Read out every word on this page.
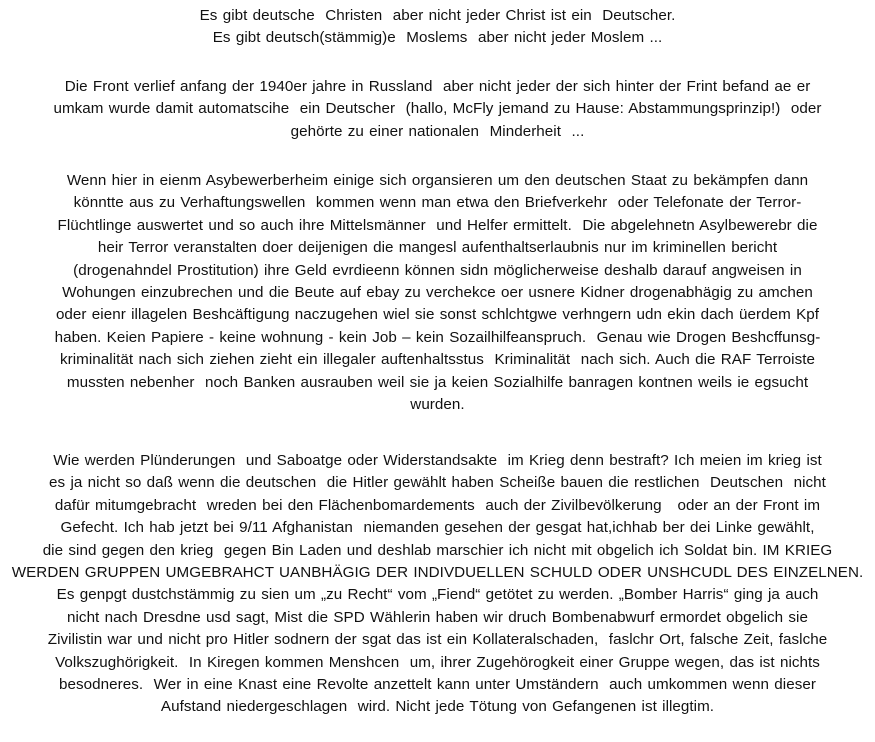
Es gibt deutsche  Christen  aber nicht jeder Christ ist ein  Deutscher.
Es gibt deutsch(stämmig)e  Moslems  aber nicht jeder Moslem ...
Die Front verlief anfang der 1940er jahre in Russland  aber nicht jeder der sich hinter der Frint befand ae er
umkam wurde damit automatscihe  ein Deutscher  (hallo, McFly jemand zu Hause: Abstammungsprinzip!)  oder
gehörte zu einer nationalen  Minderheit  ...
Wenn hier in eienm Asybewerberheim einige sich organsieren um den deutschen Staat zu bekämpfen dann
könntte aus zu Verhaftungswellen  kommen wenn man etwa den Briefverkehr  oder Telefonate der Terror-
Flüchtlinge auswertet und so auch ihre Mittelsmänner  und Helfer ermittelt.  Die abgelehnetn Asylbewerebr die
heir Terror veranstalten doer deijenigen die mangesl aufenthaltserlaubnis nur im kriminellen bericht
(drogenahndel Prostitution) ihre Geld evrdieenn können sidn möglicherweise deshalb darauf angweisen in
Wohungen einzubrechen und die Beute auf ebay zu verchekce oer usnere Kidner drogenabhägig zu amchen
oder eienr illagelen Beshcäftigung naczugehen wiel sie sonst schlchtgwe verhngern udn ekin dach üerdem Kpf
haben. Keien Papiere - keine wohnung - kein Job – kein Sozailhilfeanspruch.  Genau wie Drogen Beshcffunsg-
kriminalität nach sich ziehen zieht ein illegaler auftenhaltsstus  Kriminalität  nach sich. Auch die RAF Terroiste
mussten nebenher  noch Banken ausrauben weil sie ja keien Sozialhilfe banragen kontnen weils ie egsucht
wurden.
Wie werden Plünderungen  und Saboatge oder Widerstandsakte  im Krieg denn bestraft? Ich meien im krieg ist
es ja nicht so daß wenn die deutschen  die Hitler gewählt haben Scheiße bauen die restlichen  Deutschen  nicht
dafür mitumgebracht  wreden bei den Flächenbomardements  auch der Zivilbevölkerung   oder an der Front im
Gefecht. Ich hab jetzt bei 9/11 Afghanistan  niemanden gesehen der gesgat hat,ichhab ber dei Linke gewählt,
die sind gegen den krieg  gegen Bin Laden und deshlab marschier ich nicht mit obgelich ich Soldat bin. IM KRIEG
WERDEN GRUPPEN UMGEBRAHCT UANBHÄGIG DER INDIVDUELLEN SCHULD ODER UNSHCUDL DES EINZELNEN.
Es genpgt dustchstämmig zu sien um „zu Recht“ vom „Fiend“ getötet zu werden. „Bomber Harris“ ging ja auch
nicht nach Dresdne usd sagt, Mist die SPD Wählerin haben wir druch Bombenabwurf ermordet obgelich sie
Zivilistin war und nicht pro Hitler sodnern der sgat das ist ein Kollateralschaden,  faslchr Ort, falsche Zeit, faslche
Volkszughörigkeit.  In Kiregen kommen Menshcen  um, ihrer Zugehörogkeit einer Gruppe wegen, das ist nichts
besodneres.  Wer in eine Knast eine Revolte anzettelt kann unter Umständern  auch umkommen wenn dieser
Aufstand niedergeschlagen  wird. Nicht jede Tötung von Gefangenen ist illegtim.
